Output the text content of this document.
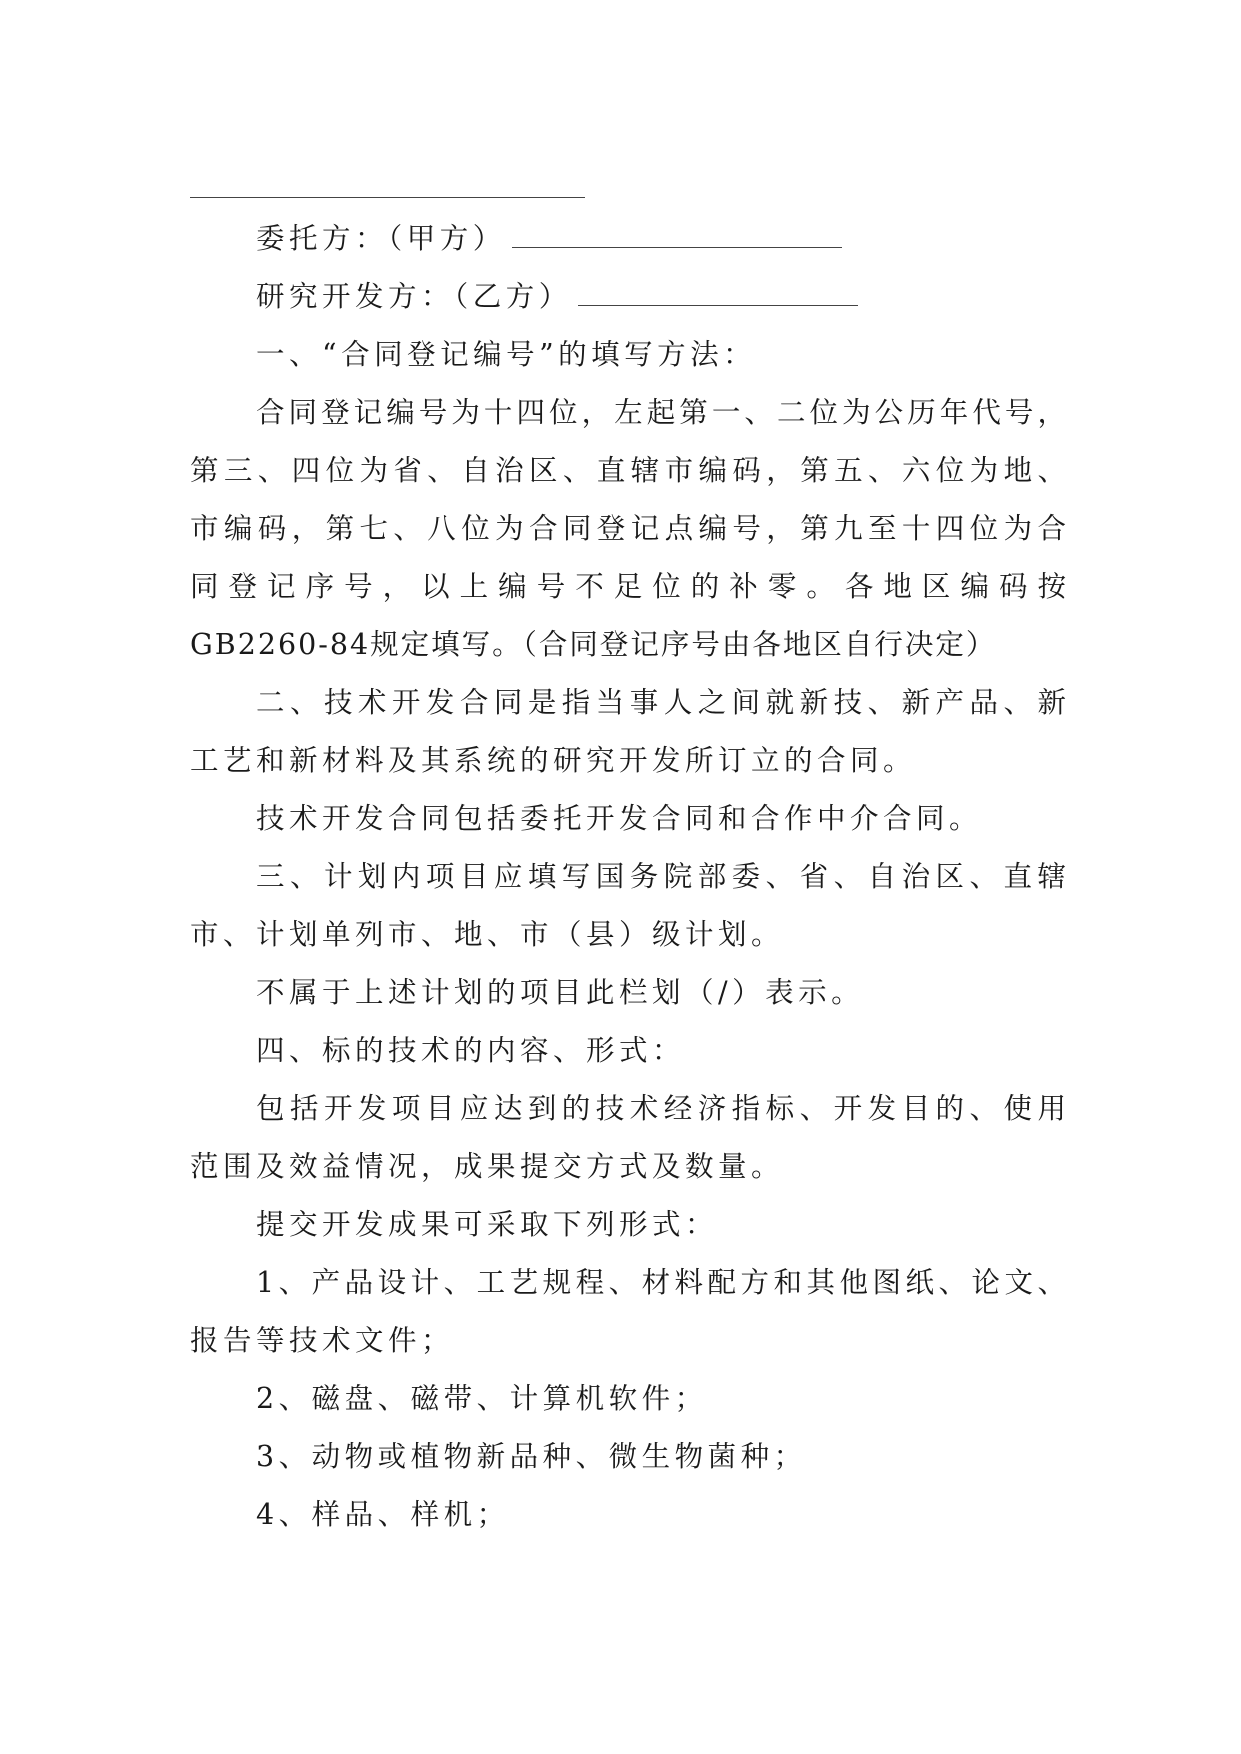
委托方：（甲方）
研究开发方：（乙方）
一、“合同登记编号”的填写方法：
合同登记编号为十四位，左起第一、二位为公历年代号，
第三、四位为省、自治区、直辖市编码，第五、六位为地、
市编码，第七、八位为合同登记点编号，第九至十四位为合
同登记序号，以上编号不足位的补零。各地区编码按
GB2260-84规定填写。（合同登记序号由各地区自行决定）
二、技术开发合同是指当事人之间就新技、新产品、新
工艺和新材料及其系统的研究开发所订立的合同。
技术开发合同包括委托开发合同和合作中介合同。
三、计划内项目应填写国务院部委、省、自治区、直辖
市、计划单列市、地、市（县）级计划。
不属于上述计划的项目此栏划（/）表示。
四、标的技术的内容、形式：
包括开发项目应达到的技术经济指标、开发目的、使用
范围及效益情况，成果提交方式及数量。
提交开发成果可采取下列形式：
1、产品设计、工艺规程、材料配方和其他图纸、论文、
报告等技术文件；
2、磁盘、磁带、计算机软件；
3、动物或植物新品种、微生物菌种；
4、样品、样机；
